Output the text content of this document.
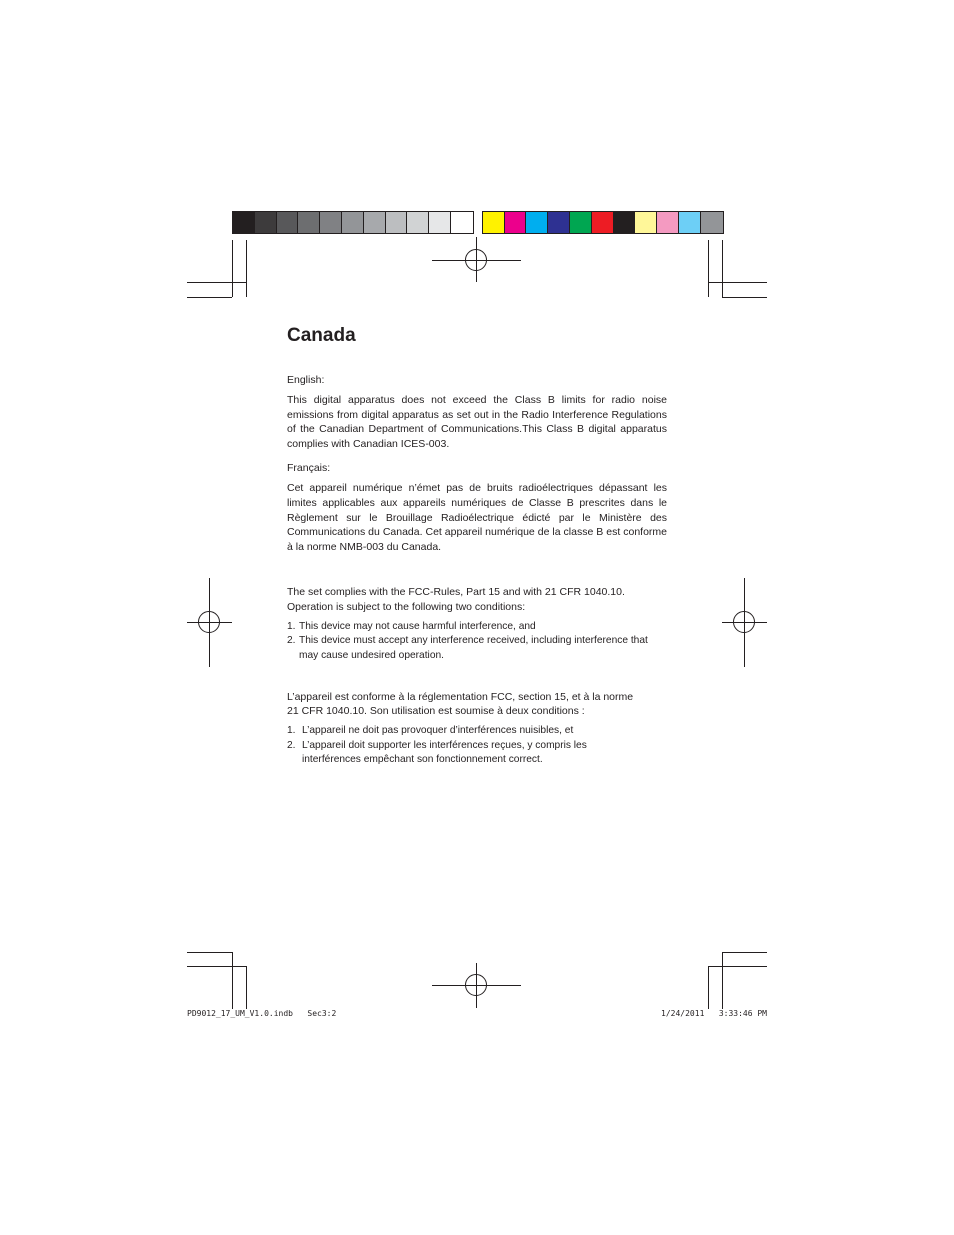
Canada
English:
This digital apparatus does not exceed the Class B limits for radio noise emissions from digital apparatus as set out in the Radio Interference Regulations of the Canadian Department of Communications.This Class B digital apparatus complies with Canadian ICES-003.
Français:
Cet appareil numérique n’émet pas de bruits radioélectriques dépassant les limites applicables aux appareils numériques de Classe B prescrites dans le Règlement sur le Brouillage Radioélectrique édicté par le Ministère des Communications du Canada. Cet appareil numérique de la classe B est conforme à la norme NMB-003 du Canada.
The set complies with the FCC-Rules, Part 15 and with 21 CFR 1040.10.
Operation is subject to the following two conditions:
1. This device may not cause harmful interference, and
2. This device must accept any interference received, including interference that may cause undesired operation.
L’appareil est conforme à la réglementation FCC, section 15, et à la norme
21 CFR 1040.10. Son utilisation est soumise à deux conditions :
1. L’appareil ne doit pas provoquer d’interférences nuisibles, et
2. L’appareil doit supporter les interférences reçues, y compris les interférences empêchant son fonctionnement correct.
PD9012_17_UM_V1.0.indb   Sec3:2	1/24/2011   3:33:46 PM
